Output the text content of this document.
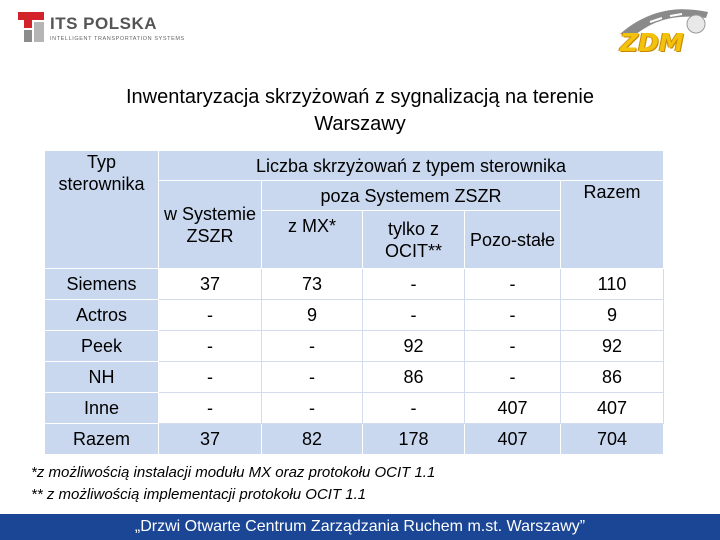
ITS POLSKA
INTELLIGENT TRANSPORTATION SYSTEMS	ZDM
Inwentaryzacja skrzyżowań z sygnalizacją na terenie
Warszawy
Typ sterownika	Liczba skrzyżowań z typem sterownika				
	w Systemie ZSZR	poza Systemem ZSZR			Razem
		z MX*	tylko z OCIT**	Pozo-stałe	
Siemens	37	73	-	-	110
Actros	-	9	-	-	9
Peek	-	-	92	-	92
NH	-	-	86	-	86
Inne	-	-	-	407	407
Razem	37	82	178	407	704
*z możliwością instalacji modułu MX oraz protokołu OCIT 1.1
** z możliwością implementacji protokołu OCIT 1.1
„Drzwi Otwarte Centrum Zarządzania Ruchem m.st. Warszawy”
